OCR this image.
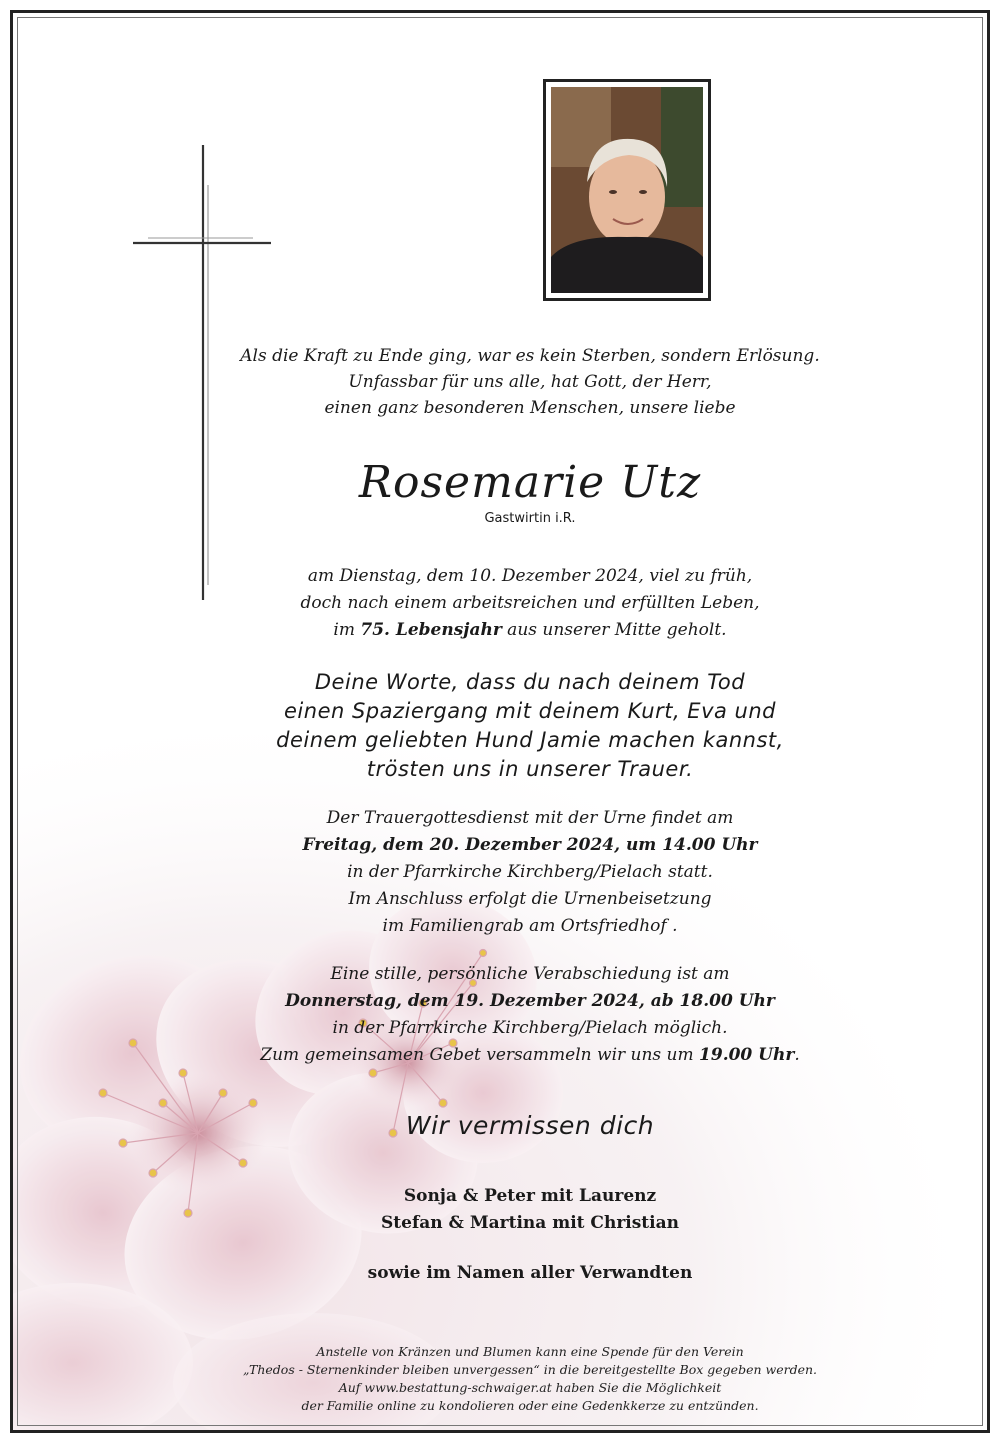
Als die Kraft zu Ende ging, war es kein Sterben, sondern Erlösung.
Unfassbar für uns alle, hat Gott, der Herr,
einen ganz besonderen Menschen, unsere liebe
Rosemarie Utz
Gastwirtin i.R.
am Dienstag, dem 10. Dezember 2024, viel zu früh,
doch nach einem arbeitsreichen und erfüllten Leben,
im 75. Lebensjahr aus unserer Mitte geholt.
Deine Worte, dass du nach deinem Tod
einen Spaziergang mit deinem Kurt, Eva und
deinem geliebten Hund Jamie machen kannst,
trösten uns in unserer Trauer.
Der Trauergottesdienst mit der Urne findet am
Freitag, dem 20. Dezember 2024, um 14.00 Uhr
in der Pfarrkirche Kirchberg/Pielach statt.
Im Anschluss erfolgt die Urnenbeisetzung
im Familiengrab am Ortsfriedhof .
Eine stille, persönliche Verabschiedung ist am
Donnerstag, dem 19. Dezember 2024, ab 18.00 Uhr
in der Pfarrkirche Kirchberg/Pielach möglich.
Zum gemeinsamen Gebet versammeln wir uns um 19.00 Uhr.
Wir vermissen dich
Sonja & Peter mit Laurenz
Stefan & Martina mit Christian
sowie im Namen aller Verwandten
Anstelle von Kränzen und Blumen kann eine Spende für den Verein
„Thedos - Sternenkinder bleiben unvergessen“ in die bereitgestellte Box gegeben werden.
Auf www.bestattung-schwaiger.at haben Sie die Möglichkeit
der Familie online zu kondolieren oder eine Gedenkkerze zu entzünden.
